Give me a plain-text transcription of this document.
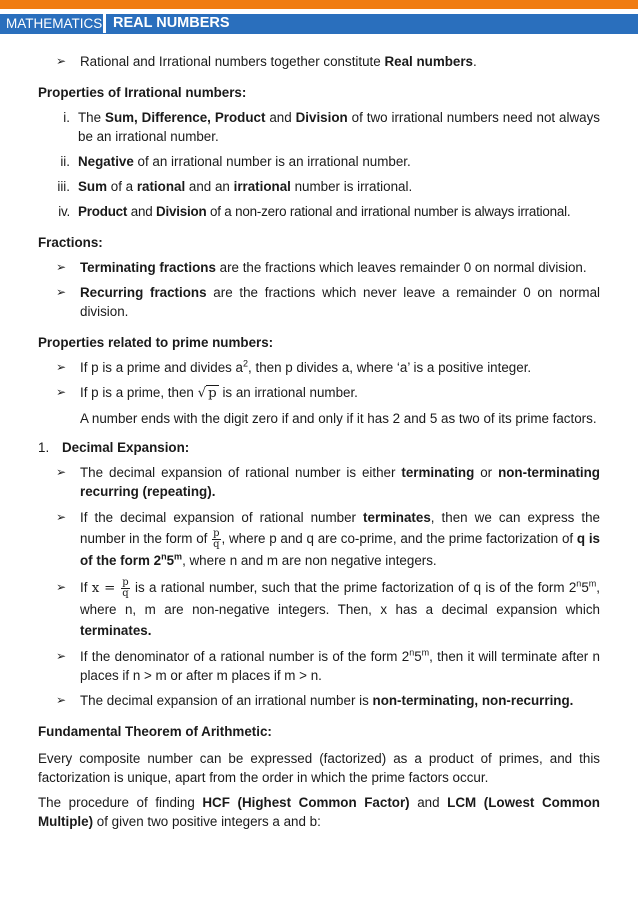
MATHEMATICS REAL NUMBERS

➢ Rational and Irrational numbers together constitute Real numbers.

Properties of Irrational numbers:

i. The Sum, Difference, Product and Division of two irrational numbers need not always be an irrational number.

ii. Negative of an irrational number is an irrational number.

iii. Sum of a rational and an irrational number is irrational.

iv. Product and Division of a non-zero rational and irrational number is always irrational.

Fractions:

➢ Terminating fractions are the fractions which leaves remainder 0 on normal division.

➢ Recurring fractions are the fractions which never leave a remainder 0 on normal division.

Properties related to prime numbers:

➢ If p is a prime and divides $a^2$, then p divides a, where ‘a’ is a positive integer.

➢ If p is a prime, then √ p is an irrational number.

A number ends with the digit zero if and only if it has 2 and 5 as two of its prime factors.

1. Decimal Expansion:

➢ The decimal expansion of rational number is either terminating or non-terminating recurring (repeating).

➢ If the decimal expansion of rational number terminates, then we can express the number in the form of $\frac{p}{q}$ , where p and q are co-prime, and the prime factorization of q is of the form 2$^n$5$^m$, where n and m are non negative integers.

➢ If $x = \frac{p}{q}$ is a rational number, such that the prime factorization of q is of the form 2$^n$5$^m$, where n, m are non-negative integers. Then, x has a decimal expansion which terminates.

➢ If the denominator of a rational number is of the form 2$^n$5$^m$, then it will terminate after n places if n > m or after m places if m > n.

➢ The decimal expansion of an irrational number is non-terminating, non-recurring.

Fundamental Theorem of Arithmetic:

Every composite number can be expressed (factorized) as a product of primes, and this factorization is unique, apart from the order in which the prime factors occur.

The procedure of finding HCF (Highest Common Factor) and LCM (Lowest Common Multiple) of given two positive integers a and b:
